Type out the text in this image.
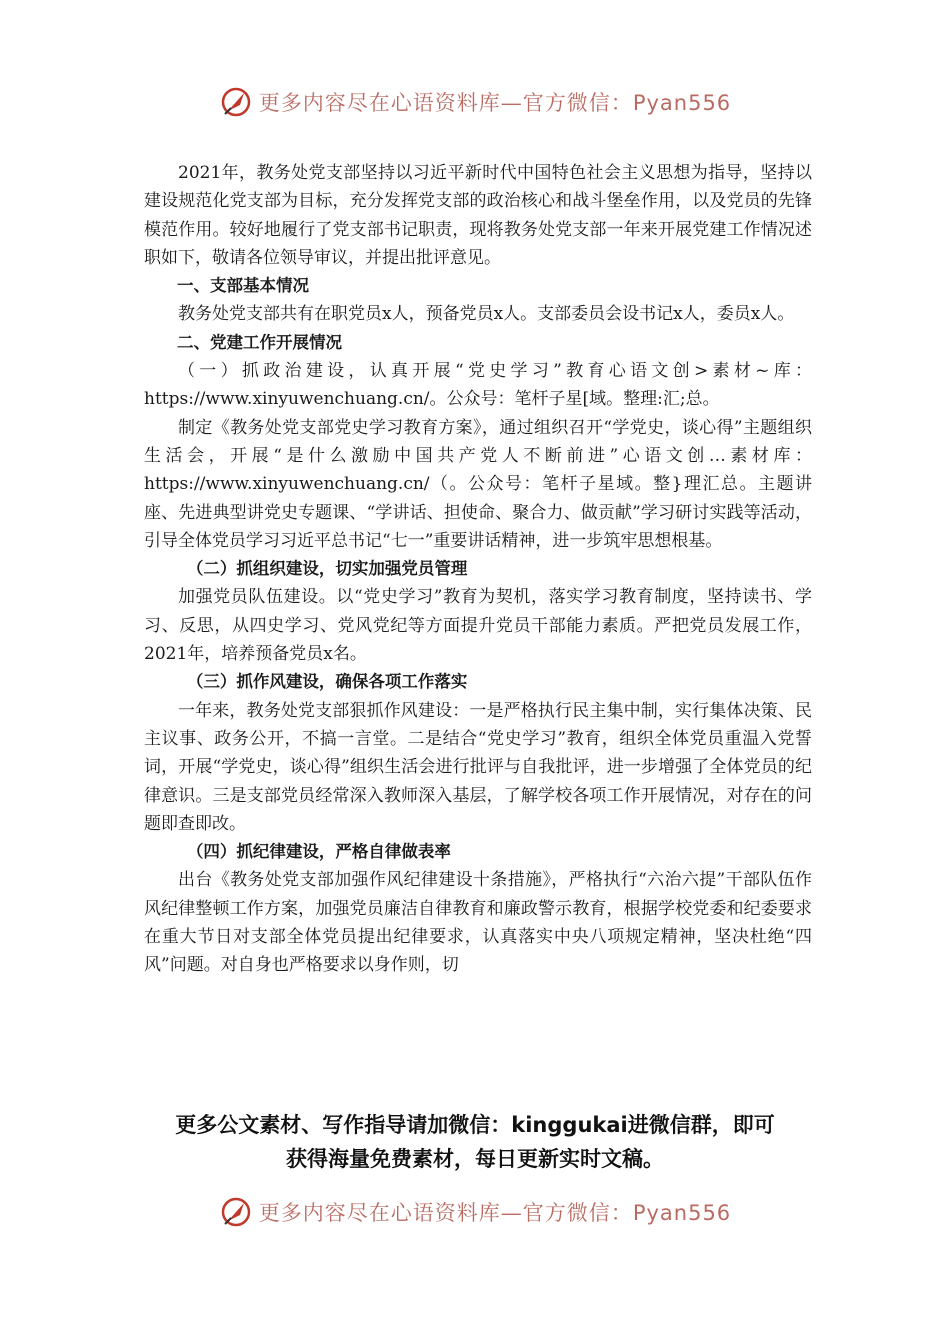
更多内容尽在心语资料库—官方微信：Pyan556

2021年，教务处党支部坚持以习近平新时代中国特色社会主义思想为指导，坚持以建设规范化党支部为目标，充分发挥党支部的政治核心和战斗堡垒作用，以及党员的先锋模范作用。较好地履行了党支部书记职责，现将教务处党支部一年来开展党建工作情况述职如下，敬请各位领导审议，并提出批评意见。

一、支部基本情况

教务处党支部共有在职党员x人，预备党员x人。支部委员会设书记x人，委员x人。

二、党建工作开展情况

（一）抓政治建设，认真开展“党史学习”教育心语文创>素材~库：https://www.xinyuwenchuang.cn/。公众号：笔杆子星[域。整理:汇;总。

制定《教务处党支部党史学习教育方案》，通过组织召开“学党史，谈心得”主题组织生活会，开展“是什么激励中国共产党人不断前进”心语文创…素材库：https://www.xinyuwenchuang.cn/（。公众号：笔杆子星域。整}理汇总。主题讲座、先进典型讲党史专题课、“学讲话、担使命、聚合力、做贡献”学习研讨实践等活动，引导全体党员学习习近平总书记“七一”重要讲话精神，进一步筑牢思想根基。

（二）抓组织建设，切实加强党员管理

加强党员队伍建设。以“党史学习”教育为契机，落实学习教育制度，坚持读书、学习、反思，从四史学习、党风党纪等方面提升党员干部能力素质。严把党员发展工作，2021年，培养预备党员x名。

（三）抓作风建设，确保各项工作落实

一年来，教务处党支部狠抓作风建设：一是严格执行民主集中制，实行集体决策、民主议事、政务公开，不搞一言堂。二是结合“党史学习”教育，组织全体党员重温入党誓词，开展“学党史，谈心得”组织生活会进行批评与自我批评，进一步增强了全体党员的纪律意识。三是支部党员经常深入教师深入基层，了解学校各项工作开展情况，对存在的问题即查即改。

（四）抓纪律建设，严格自律做表率

出台《教务处党支部加强作风纪律建设十条措施》，严格执行“六治六提”干部队伍作风纪律整顿工作方案，加强党员廉洁自律教育和廉政警示教育，根据学校党委和纪委要求在重大节日对支部全体党员提出纪律要求，认真落实中央八项规定精神，坚决杜绝“四风”问题。对自身也严格要求以身作则，切

更多公文素材、写作指导请加微信：kinggukai进微信群，即可
获得海量免费素材，每日更新实时文稿。
更多内容尽在心语资料库—官方微信：Pyan556
